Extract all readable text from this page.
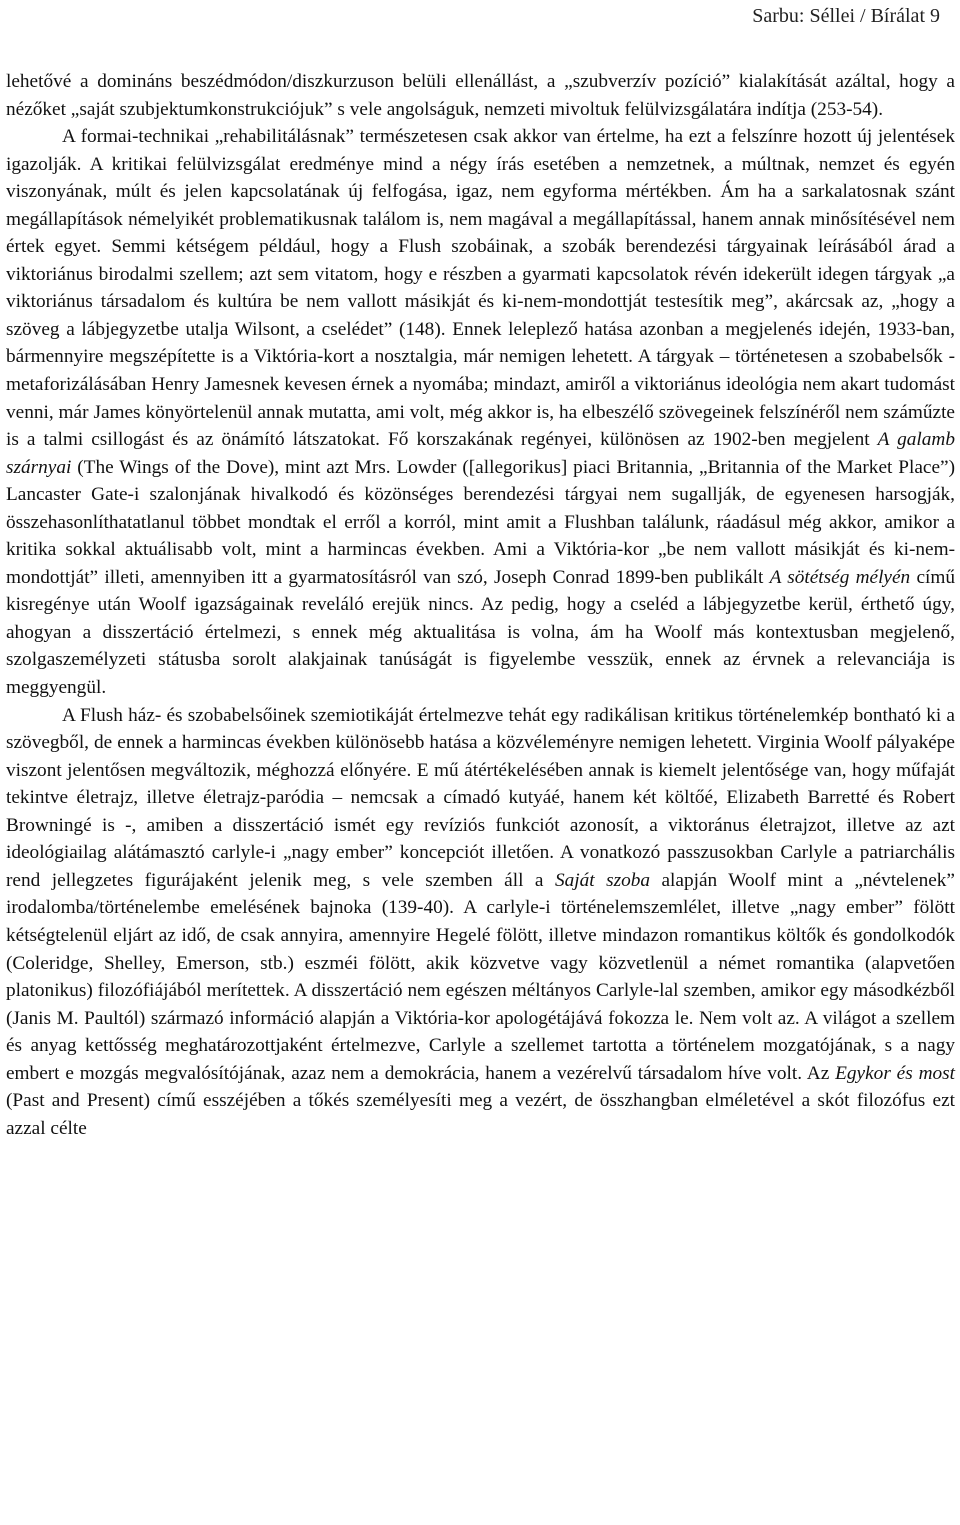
Sarbu: Séllei / Bírálat 9

lehetővé a domináns beszédmódon/diszkurzuson belüli ellenállást, a „szubverzív pozíció” kialakítását azáltal, hogy a nézőket „saját szubjektumkonstrukciójuk” s vele angolságuk, nemzeti mivoltuk felülvizsgálatára indítja (253-54).

A formai-technikai „rehabilitálásnak” természetesen csak akkor van értelme, ha ezt a felszínre hozott új jelentések igazolják. A kritikai felülvizsgálat eredménye mind a négy írás esetében a nemzetnek, a múltnak, nemzet és egyén viszonyának, múlt és jelen kapcsolatának új felfogása, igaz, nem egyforma mértékben. Ám ha a sarkalatosnak szánt megállapítások némelyikét problematikusnak találom is, nem magával a megállapítással, hanem annak minősítésével nem értek egyet. Semmi kétségem például, hogy a Flush szobáinak, a szobák berendezési tárgyainak leírásából árad a viktoriánus birodalmi szellem; azt sem vitatom, hogy e részben a gyarmati kapcsolatok révén idekerült idegen tárgyak „a viktoriánus társadalom és kultúra be nem vallott másikját és ki-nem-mondottját testesítik meg”, akárcsak az, „hogy a szöveg a lábjegyzetbe utalja Wilsont, a cselédet” (148). Ennek leleplező hatása azonban a megjelenés idején, 1933-ban, bármennyire megszépítette is a Viktória-kort a nosztalgia, már nemigen lehetett. A tárgyak – történetesen a szobabelsők - metaforizálásában Henry Jamesnek kevesen érnek a nyomába; mindazt, amiről a viktoriánus ideológia nem akart tudomást venni, már James könyörtelenül annak mutatta, ami volt, még akkor is, ha elbeszélő szövegeinek felszínéről nem száműzte is a talmi csillogást és az önámító látszatokat. Fő korszakának regényei, különösen az 1902-ben megjelent A galamb szárnyai (The Wings of the Dove), mint azt Mrs. Lowder ([allegorikus] piaci Britannia, „Britannia of the Market Place”) Lancaster Gate-i szalonjának hivalkodó és közönséges berendezési tárgyai nem sugallják, de egyenesen harsogják, összehasonlíthatatlanul többet mondtak el erről a korról, mint amit a Flushban találunk, ráadásul még akkor, amikor a kritika sokkal aktuálisabb volt, mint a harmincas években. Ami a Viktória-kor „be nem vallott másikját és ki-nem-mondottját” illeti, amennyiben itt a gyarmatosításról van szó, Joseph Conrad 1899-ben publikált A sötétség mélyén című kisregénye után Woolf igazságainak reveláló erejük nincs. Az pedig, hogy a cseléd a lábjegyzetbe kerül, érthető úgy, ahogyan a disszertáció értelmezi, s ennek még aktualitása is volna, ám ha Woolf más kontextusban megjelenő, szolgaszemélyzeti státusba sorolt alakjainak tanúságát is figyelembe vesszük, ennek az érvnek a relevanciája is meggyengül.

A Flush ház- és szobabelsőinek szemiotikáját értelmezve tehát egy radikálisan kritikus történelemkép bontható ki a szövegből, de ennek a harmincas években különösebb hatása a közvéleményre nemigen lehetett. Virginia Woolf pályaképe viszont jelentősen megváltozik, méghozzá előnyére. E mű átértékelésében annak is kiemelt jelentősége van, hogy műfaját tekintve életrajz, illetve életrajz-paródia – nemcsak a címadó kutyáé, hanem két költőé, Elizabeth Barretté és Robert Browningé is -, amiben a disszertáció ismét egy revíziós funkciót azonosít, a viktoránus életrajzot, illetve az azt ideológiailag alátámasztó carlyle-i „nagy ember” koncepciót illetően. A vonatkozó passzusokban Carlyle a patriarchális rend jellegzetes figurájaként jelenik meg, s vele szemben áll a Saját szoba alapján Woolf mint a „névtelenek” irodalomba/történelembe emelésének bajnoka (139-40). A carlyle-i történelemszemlélet, illetve „nagy ember” fölött kétségtelenül eljárt az idő, de csak annyira, amennyire Hegelé fölött, illetve mindazon romantikus költők és gondolkodók (Coleridge, Shelley, Emerson, stb.) eszméi fölött, akik közvetve vagy közvetlenül a német romantika (alapvetően platonikus) filozófiájából merítettek. A disszertáció nem egészen méltányos Carlyle-lal szemben, amikor egy másodkézből (Janis M. Paultól) származó információ alapján a Viktória-kor apologétájává fokozza le. Nem volt az. A világot a szellem és anyag kettősség meghatározottjaként értelmezve, Carlyle a szellemet tartotta a történelem mozgatójának, s a nagy embert e mozgás megvalósítójának, azaz nem a demokrácia, hanem a vezérelvű társadalom híve volt. Az Egykor és most (Past and Present) című esszéjében a tőkés személyesíti meg a vezért, de összhangban elméletével a skót filozófus ezt azzal célte
